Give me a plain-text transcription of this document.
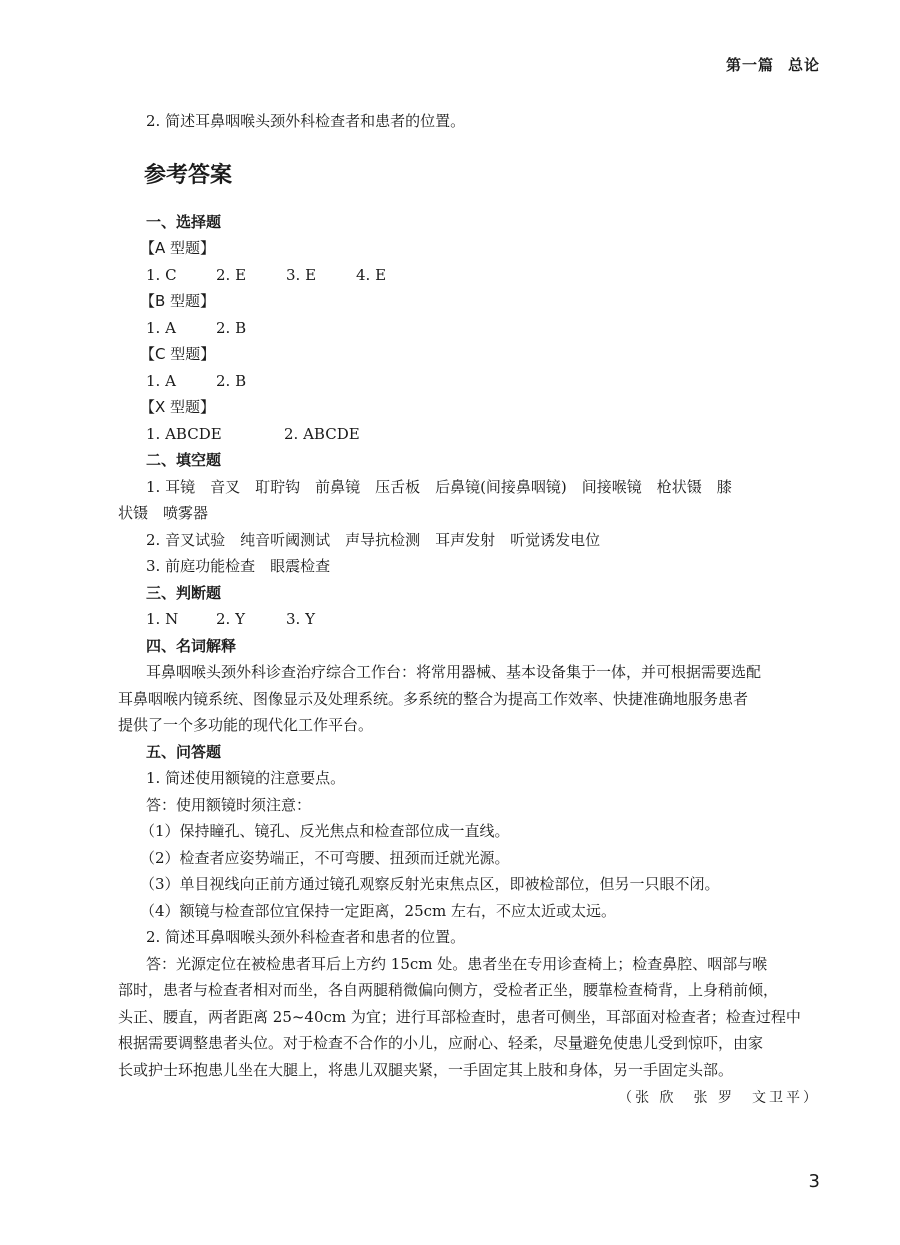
第一篇 总论

2. 简述耳鼻咽喉头颈外科检查者和患者的位置。

参考答案

一、选择题

【A 型题】

1. C	2. E	3. E	4. E

【B 型题】

1. A	2. B

【C 型题】

1. A	2. B

【X 型题】

1. ABCDE	2. ABCDE

二、填空题

1. 耳镜　音叉　耵聍钩　前鼻镜　压舌板　后鼻镜(间接鼻咽镜)　间接喉镜　枪状镊　膝

状镊　喷雾器

2. 音叉试验　纯音听阈测试　声导抗检测　耳声发射　听觉诱发电位

3. 前庭功能检查　眼震检查

三、判断题

1. N	2. Y	3. Y

四、名词解释

耳鼻咽喉头颈外科诊查治疗综合工作台：将常用器械、基本设备集于一体，并可根据需要选配

耳鼻咽喉内镜系统、图像显示及处理系统。多系统的整合为提高工作效率、快捷准确地服务患者

提供了一个多功能的现代化工作平台。

五、问答题

1. 简述使用额镜的注意要点。

答：使用额镜时须注意：

（1）保持瞳孔、镜孔、反光焦点和检查部位成一直线。

（2）检查者应姿势端正，不可弯腰、扭颈而迁就光源。

（3）单目视线向正前方通过镜孔观察反射光束焦点区，即被检部位，但另一只眼不闭。

（4）额镜与检查部位宜保持一定距离，25cm 左右，不应太近或太远。

2. 简述耳鼻咽喉头颈外科检查者和患者的位置。

答：光源定位在被检患者耳后上方约 15cm 处。患者坐在专用诊查椅上；检查鼻腔、咽部与喉

部时，患者与检查者相对而坐，各自两腿稍微偏向侧方，受检者正坐，腰靠检查椅背，上身稍前倾，

头正、腰直，两者距离 25~40cm 为宜；进行耳部检查时，患者可侧坐，耳部面对检查者；检查过程中

根据需要调整患者头位。对于检查不合作的小儿，应耐心、轻柔，尽量避免使患儿受到惊吓，由家

长或护士环抱患儿坐在大腿上，将患儿双腿夹紧，一手固定其上肢和身体，另一手固定头部。

（张 欣　张 罗　文卫平）

3
